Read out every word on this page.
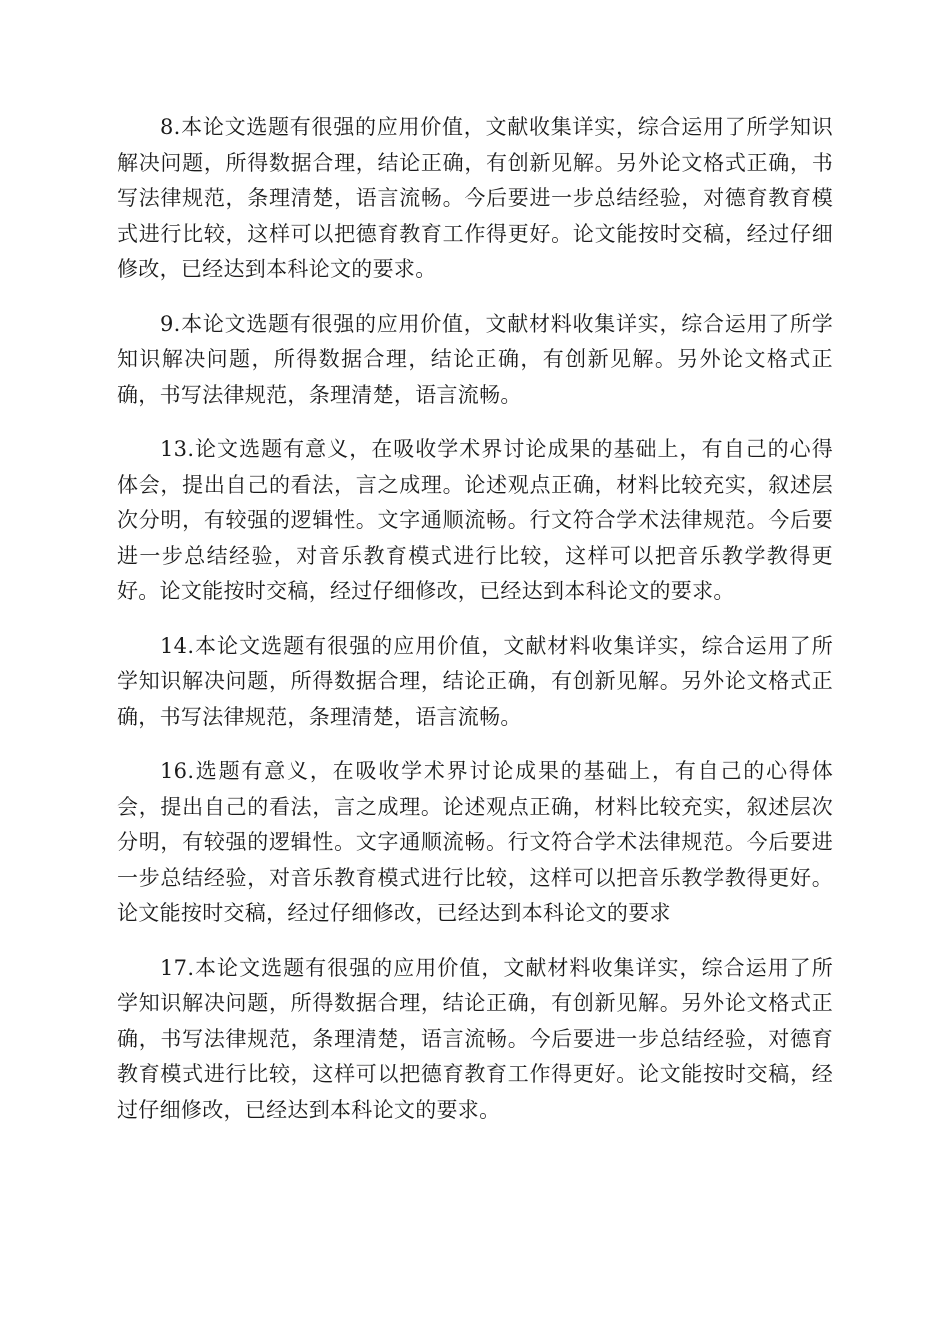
8.本论文选题有很强的应用价值，文献收集详实，综合运用了所学知识解决问题，所得数据合理，结论正确，有创新见解。另外论文格式正确，书写法律规范，条理清楚，语言流畅。今后要进一步总结经验，对德育教育模式进行比较，这样可以把德育教育工作得更好。论文能按时交稿，经过仔细修改，已经达到本科论文的要求。

9.本论文选题有很强的应用价值，文献材料收集详实，综合运用了所学知识解决问题，所得数据合理，结论正确，有创新见解。另外论文格式正确，书写法律规范，条理清楚，语言流畅。

13.论文选题有意义，在吸收学术界讨论成果的基础上，有自己的心得体会，提出自己的看法，言之成理。论述观点正确，材料比较充实，叙述层次分明，有较强的逻辑性。文字通顺流畅。行文符合学术法律规范。今后要进一步总结经验，对音乐教育模式进行比较，这样可以把音乐教学教得更好。论文能按时交稿，经过仔细修改，已经达到本科论文的要求。

14.本论文选题有很强的应用价值，文献材料收集详实，综合运用了所学知识解决问题，所得数据合理，结论正确，有创新见解。另外论文格式正确，书写法律规范，条理清楚，语言流畅。

16.选题有意义，在吸收学术界讨论成果的基础上，有自己的心得体会，提出自己的看法，言之成理。论述观点正确，材料比较充实，叙述层次分明，有较强的逻辑性。文字通顺流畅。行文符合学术法律规范。今后要进一步总结经验，对音乐教育模式进行比较，这样可以把音乐教学教得更好。论文能按时交稿，经过仔细修改，已经达到本科论文的要求

17.本论文选题有很强的应用价值，文献材料收集详实，综合运用了所学知识解决问题，所得数据合理，结论正确，有创新见解。另外论文格式正确，书写法律规范，条理清楚，语言流畅。今后要进一步总结经验，对德育教育模式进行比较，这样可以把德育教育工作得更好。论文能按时交稿，经过仔细修改，已经达到本科论文的要求。
